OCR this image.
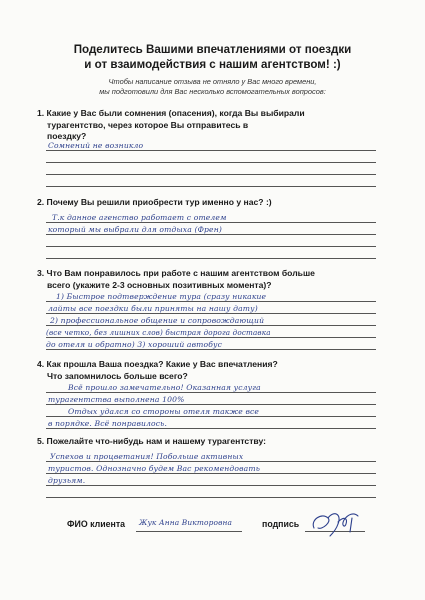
Поделитесь Вашими впечатлениями от поездки
и от взаимодействия с нашим агентством! :)
Чтобы написание отзыва не отняло у Вас много времени,
мы подготовили для Вас несколько вспомогательных вопросов:
1. Какие у Вас были сомнения (опасения), когда Вы выбирали
турагентство, через которое Вы отправитесь в
поездку?
Сомнений не возникло
2. Почему Вы решили приобрести тур именно у нас? :)
Т.к данное агенство работает с отелем
который мы выбрали для отдыха (Френ)
3. Что Вам понравилось при работе с нашим агентством больше
всего (укажите 2-3 основных позитивных момента)?
1) Быстрое подтверждение тура (сразу никакие
лайты все поездки были приняты на нашу дату)
2) профессиональное общение и сопровождающий
(все четко, без лишних слов) быстрая дорога доставка
до отеля и обратно) 3) хороший автобус
4. Как прошла Ваша поездка? Какие у Вас впечатления?
Что запомнилось больше всего?
Всё прошло замечательно! Оказанная услуга
турагентства выполнена 100%
Отдых удался со стороны отеля также все
в порядке. Всё понравилось.
5. Пожелайте что-нибудь нам и нашему турагентству:
Успехов и процветания! Побольше активных
туристов. Однозначно будем Вас рекомендовать
друзьям.
ФИО клиента Жук Анна Викторовна	подпись
